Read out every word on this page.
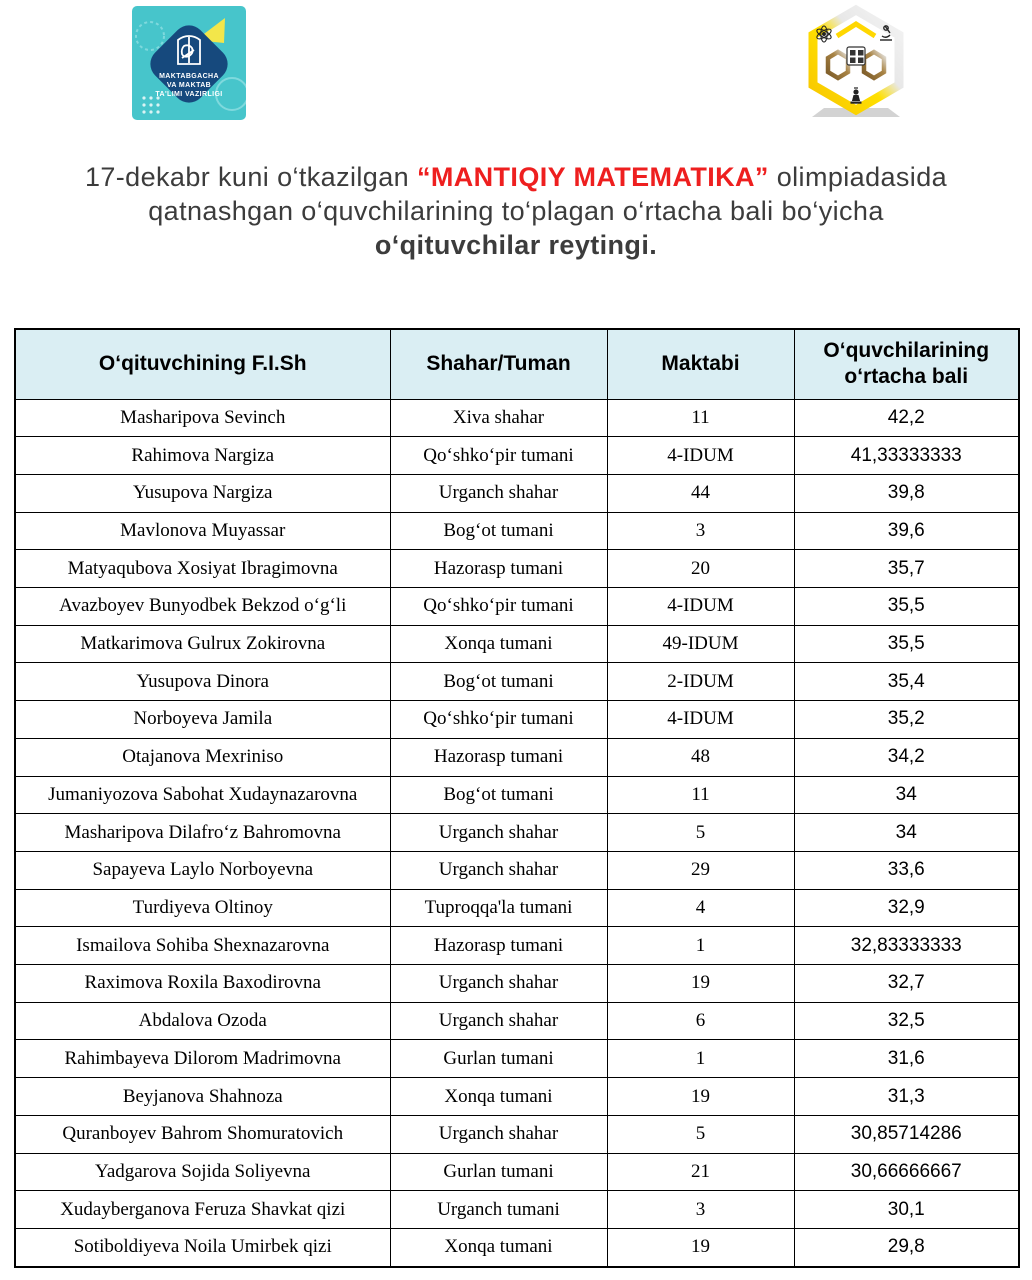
MAKTABGACHA
VA MAKTAB
TA'LIMI VAZIRLIGI
17-dekabr kuni o‘tkazilgan “MANTIQIY MATEMATIKA” olimpiadasida
qatnashgan o‘quvchilarining to‘plagan o‘rtacha bali bo‘yicha
o‘qituvchilar reytingi.
O‘qituvchining F.I.Sh	Shahar/Tuman	Maktabi	O‘quvchilarining o‘rtacha bali
Masharipova Sevinch	Xiva shahar	11	42,2
Rahimova Nargiza	Qo‘shko‘pir tumani	4-IDUM	41,33333333
Yusupova Nargiza	Urganch shahar	44	39,8
Mavlonova Muyassar	Bog‘ot tumani	3	39,6
Matyaqubova Xosiyat Ibragimovna	Hazorasp tumani	20	35,7
Avazboyev Bunyodbek Bekzod o‘g‘li	Qo‘shko‘pir tumani	4-IDUM	35,5
Matkarimova Gulrux Zokirovna	Xonqa tumani	49-IDUM	35,5
Yusupova Dinora	Bog‘ot tumani	2-IDUM	35,4
Norboyeva Jamila	Qo‘shko‘pir tumani	4-IDUM	35,2
Otajanova Mexriniso	Hazorasp tumani	48	34,2
Jumaniyozova Sabohat Xudaynazarovna	Bog‘ot tumani	11	34
Masharipova Dilafro‘z Bahromovna	Urganch shahar	5	34
Sapayeva Laylo Norboyevna	Urganch shahar	29	33,6
Turdiyeva Oltinoy	Tuproqqa'la tumani	4	32,9
Ismailova Sohiba Shexnazarovna	Hazorasp tumani	1	32,83333333
Raximova Roxila Baxodirovna	Urganch shahar	19	32,7
Abdalova Ozoda	Urganch shahar	6	32,5
Rahimbayeva Dilorom Madrimovna	Gurlan tumani	1	31,6
Beyjanova Shahnoza	Xonqa tumani	19	31,3
Quranboyev Bahrom Shomuratovich	Urganch shahar	5	30,85714286
Yadgarova Sojida Soliyevna	Gurlan tumani	21	30,66666667
Xudayberganova Feruza Shavkat qizi	Urganch tumani	3	30,1
Sotiboldiyeva Noila Umirbek qizi	Xonqa tumani	19	29,8
